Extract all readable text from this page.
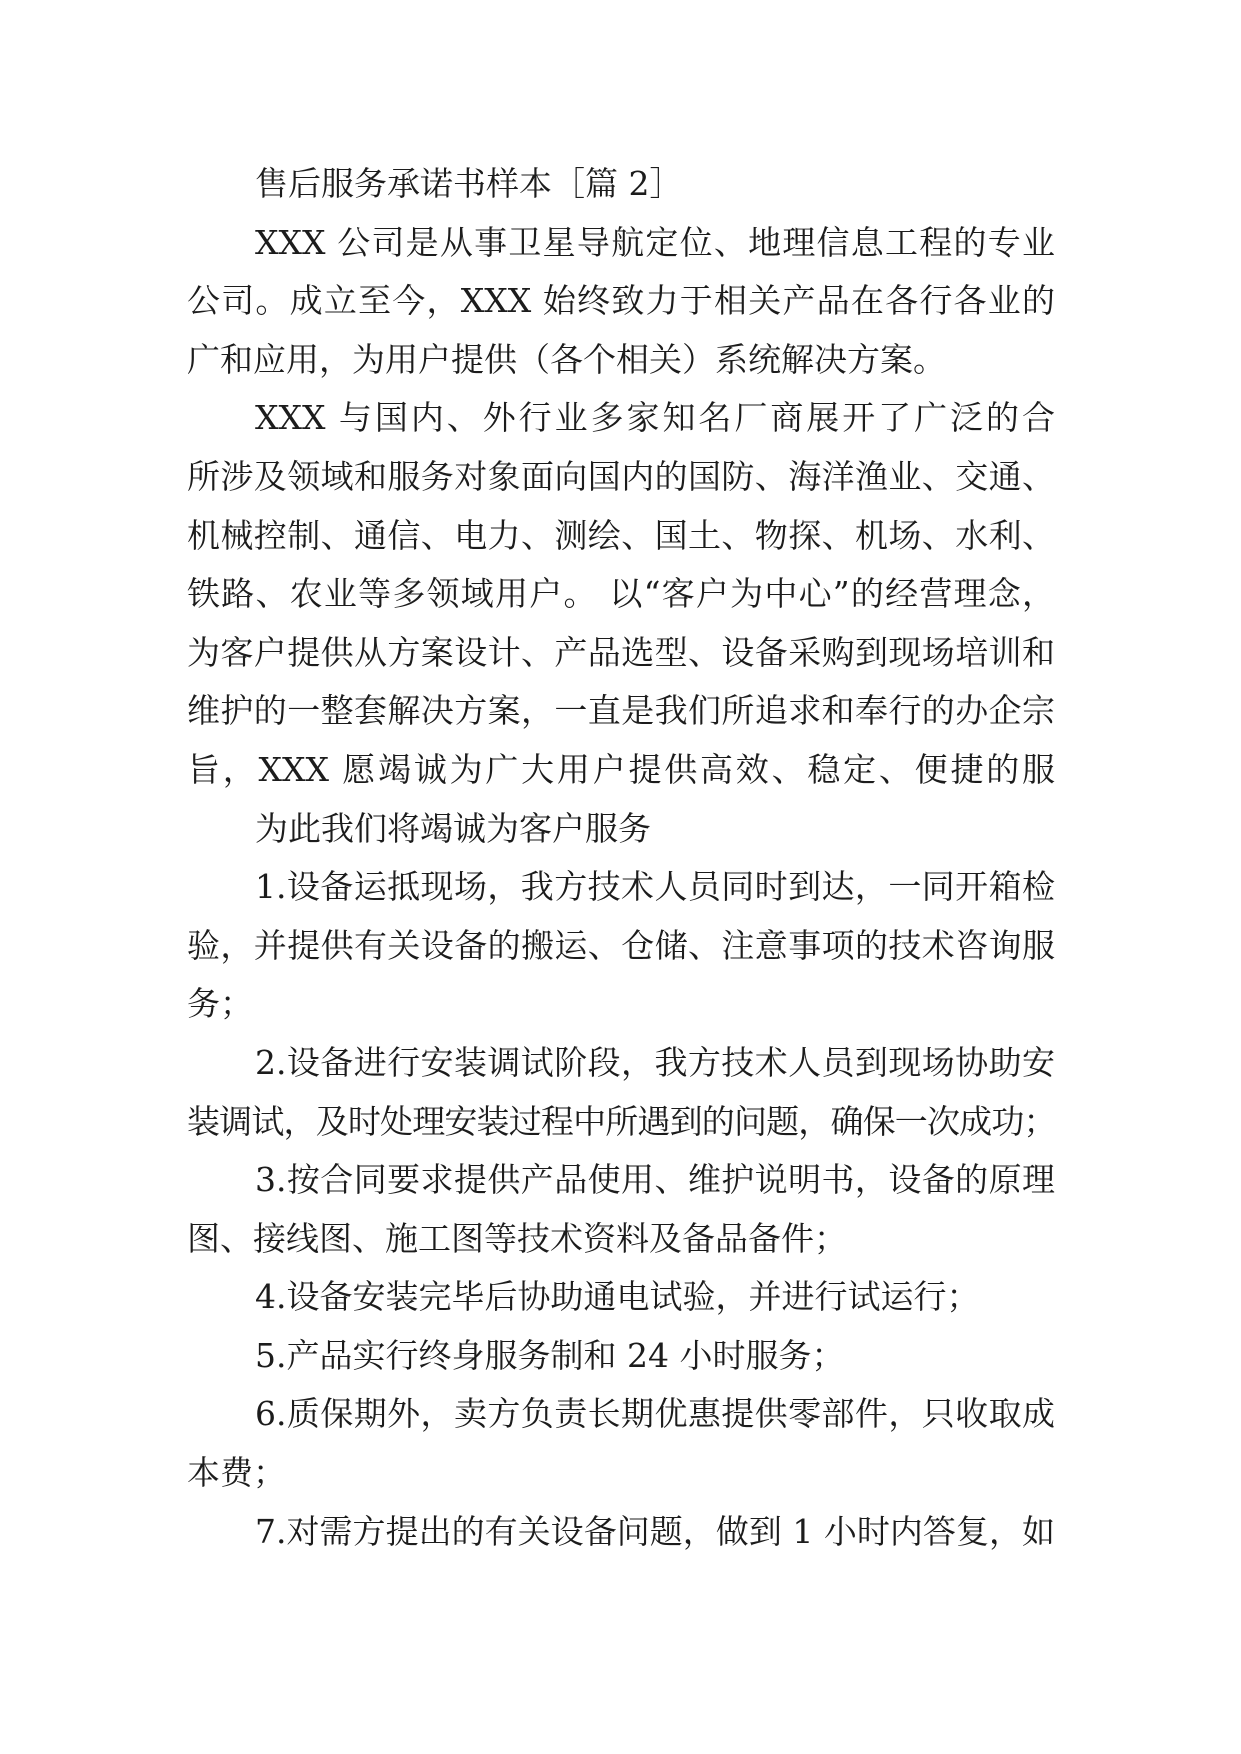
售后服务承诺书样本［篇 2］
XXX 公司是从事卫星导航定位、地理信息工程的专业
公司。成立至今，XXX 始终致力于相关产品在各行各业的
广和应用，为用户提供（各个相关）系统解决方案。
XXX 与国内、外行业多家知名厂商展开了广泛的合
所涉及领域和服务对象面向国内的国防、海洋渔业、交通、
机械控制、通信、电力、测绘、国土、物探、机场、水利、
铁路、农业等多领域用户。 以“客户为中心”的经营理念，
为客户提供从方案设计、产品选型、设备采购到现场培训和
维护的一整套解决方案，一直是我们所追求和奉行的办企宗
旨，XXX 愿竭诚为广大用户提供高效、稳定、便捷的服
为此我们将竭诚为客户服务
1.设备运抵现场，我方技术人员同时到达，一同开箱检
验，并提供有关设备的搬运、仓储、注意事项的技术咨询服
务；
2.设备进行安装调试阶段，我方技术人员到现场协助安
装调试，及时处理安装过程中所遇到的问题，确保一次成功；
3.按合同要求提供产品使用、维护说明书，设备的原理
图、接线图、施工图等技术资料及备品备件；
4.设备安装完毕后协助通电试验，并进行试运行；
5.产品实行终身服务制和 24 小时服务；
6.质保期外，卖方负责长期优惠提供零部件，只收取成
本费；
7.对需方提出的有关设备问题，做到 1 小时内答复，如
